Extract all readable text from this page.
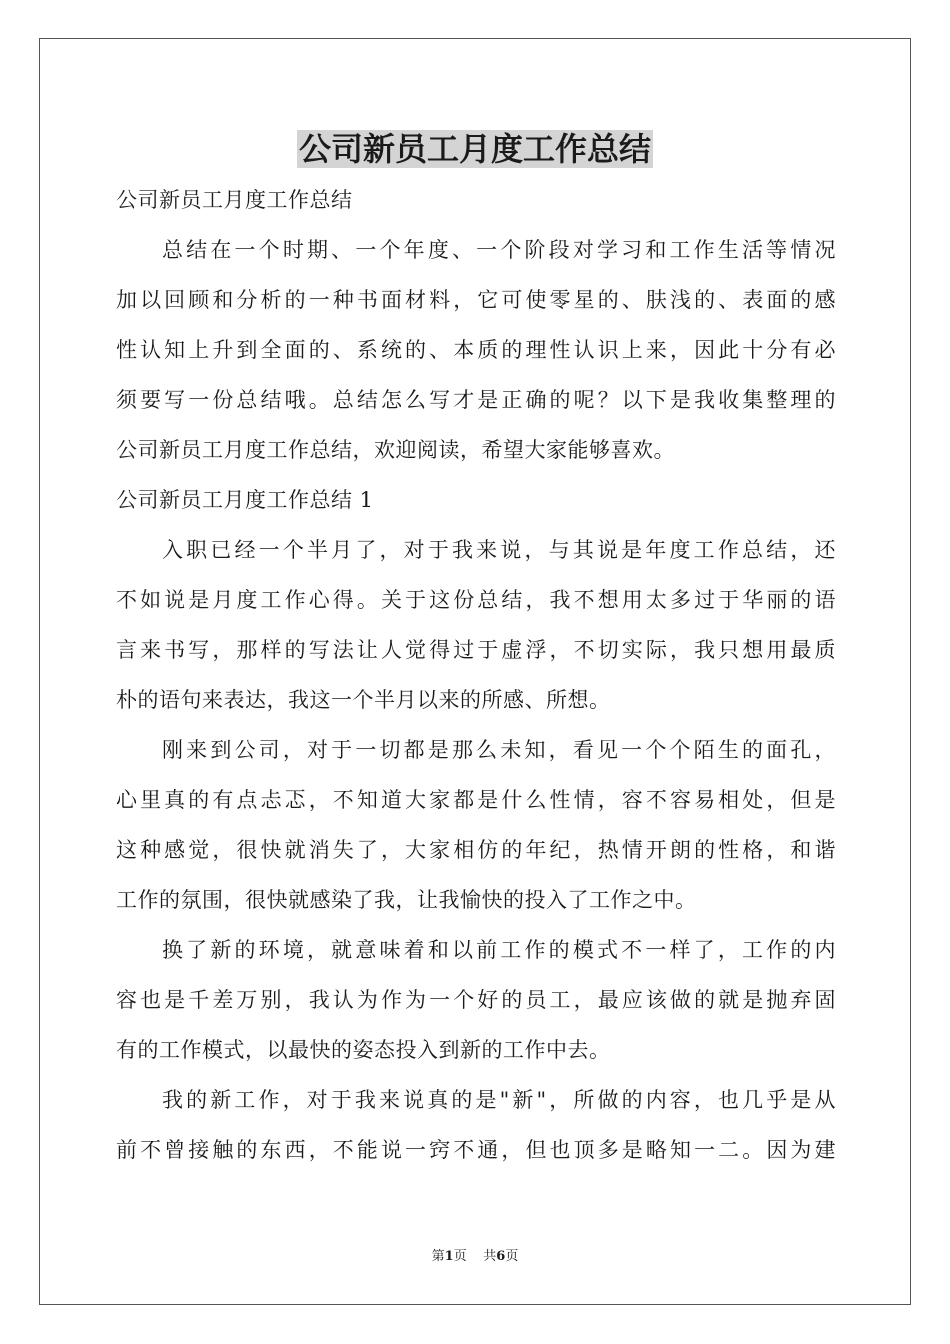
公司新员工月度工作总结
公司新员工月度工作总结
总结在一个时期、一个年度、一个阶段对学习和工作生活等情况
加以回顾和分析的一种书面材料，它可使零星的、肤浅的、表面的感
性认知上升到全面的、系统的、本质的理性认识上来，因此十分有必
须要写一份总结哦。总结怎么写才是正确的呢？以下是我收集整理的
公司新员工月度工作总结，欢迎阅读，希望大家能够喜欢。
公司新员工月度工作总结 1
入职已经一个半月了，对于我来说，与其说是年度工作总结，还
不如说是月度工作心得。关于这份总结，我不想用太多过于华丽的语
言来书写，那样的写法让人觉得过于虚浮，不切实际，我只想用最质
朴的语句来表达，我这一个半月以来的所感、所想。
刚来到公司，对于一切都是那么未知，看见一个个陌生的面孔，
心里真的有点忐忑，不知道大家都是什么性情，容不容易相处，但是
这种感觉，很快就消失了，大家相仿的年纪，热情开朗的性格，和谐
工作的氛围，很快就感染了我，让我愉快的投入了工作之中。
换了新的环境，就意味着和以前工作的模式不一样了，工作的内
容也是千差万别，我认为作为一个好的员工，最应该做的就是抛弃固
有的工作模式，以最快的姿态投入到新的工作中去。
我的新工作，对于我来说真的是"新"，所做的内容，也几乎是从
前不曾接触的东西，不能说一窍不通，但也顶多是略知一二。因为建
第1页 共6页
